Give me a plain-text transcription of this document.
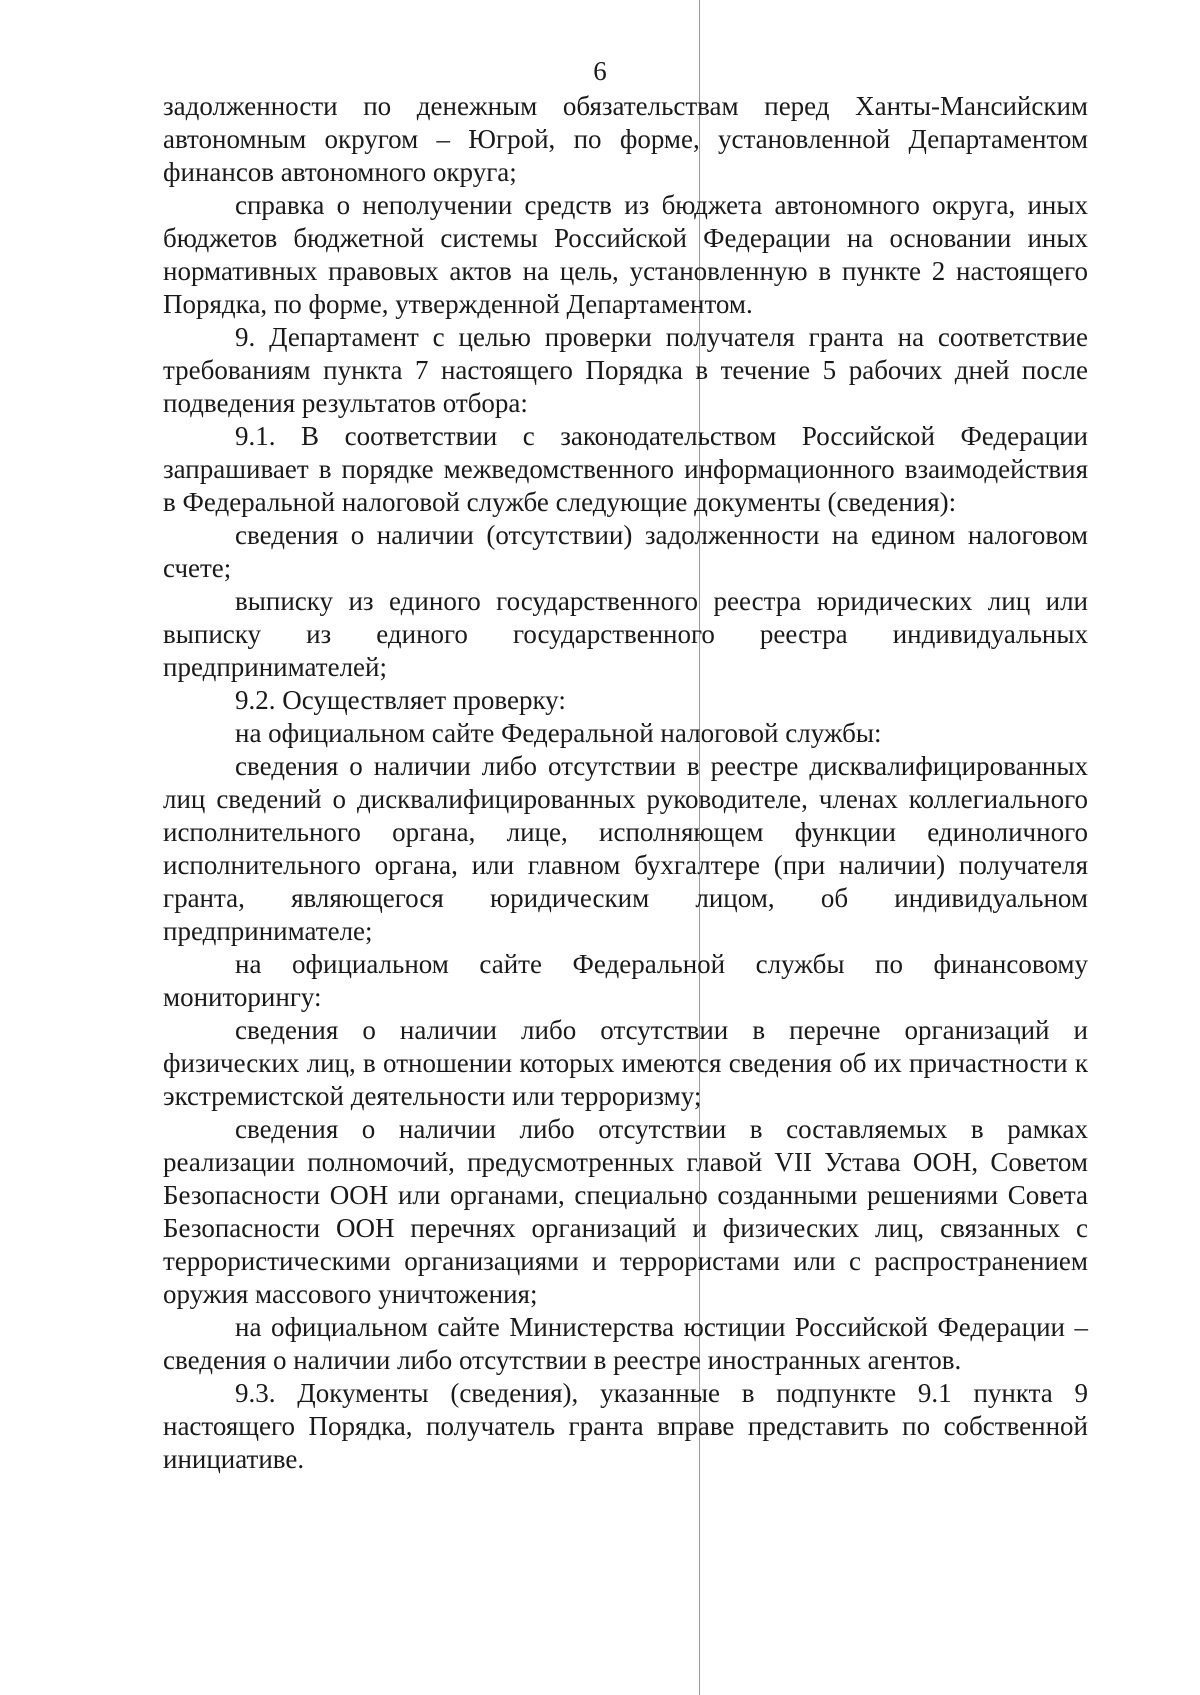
6

задолженности по денежным обязательствам перед Ханты-Мансийским автономным округом – Югрой, по форме, установленной Департаментом финансов автономного округа;

справка о неполучении средств из бюджета автономного округа, иных бюджетов бюджетной системы Российской Федерации на основании иных нормативных правовых актов на цель, установленную в пункте 2 настоящего Порядка, по форме, утвержденной Департаментом.

9. Департамент с целью проверки получателя гранта на соответствие требованиям пункта 7 настоящего Порядка в течение 5 рабочих дней после подведения результатов отбора:

9.1. В соответствии с законодательством Российской Федерации запрашивает в порядке межведомственного информационного взаимодействия в Федеральной налоговой службе следующие документы (сведения):

сведения о наличии (отсутствии) задолженности на едином налоговом счете;

выписку из единого государственного реестра юридических лиц или выписку из единого государственного реестра индивидуальных предпринимателей;

9.2. Осуществляет проверку:

на официальном сайте Федеральной налоговой службы:

сведения о наличии либо отсутствии в реестре дисквалифицированных лиц сведений о дисквалифицированных руководителе, членах коллегиального исполнительного органа, лице, исполняющем функции единоличного исполнительного органа, или главном бухгалтере (при наличии) получателя гранта, являющегося юридическим лицом, об индивидуальном предпринимателе;

на официальном сайте Федеральной службы по финансовому мониторингу:

сведения о наличии либо отсутствии в перечне организаций и физических лиц, в отношении которых имеются сведения об их причастности к экстремистской деятельности или терроризму;

сведения о наличии либо отсутствии в составляемых в рамках реализации полномочий, предусмотренных главой VII Устава ООН, Советом Безопасности ООН или органами, специально созданными решениями Совета Безопасности ООН перечнях организаций и физических лиц, связанных с террористическими организациями и террористами или с распространением оружия массового уничтожения;

на официальном сайте Министерства юстиции Российской Федерации – сведения о наличии либо отсутствии в реестре иностранных агентов.

9.3. Документы (сведения), указанные в подпункте 9.1 пункта 9 настоящего Порядка, получатель гранта вправе представить по собственной инициативе.
